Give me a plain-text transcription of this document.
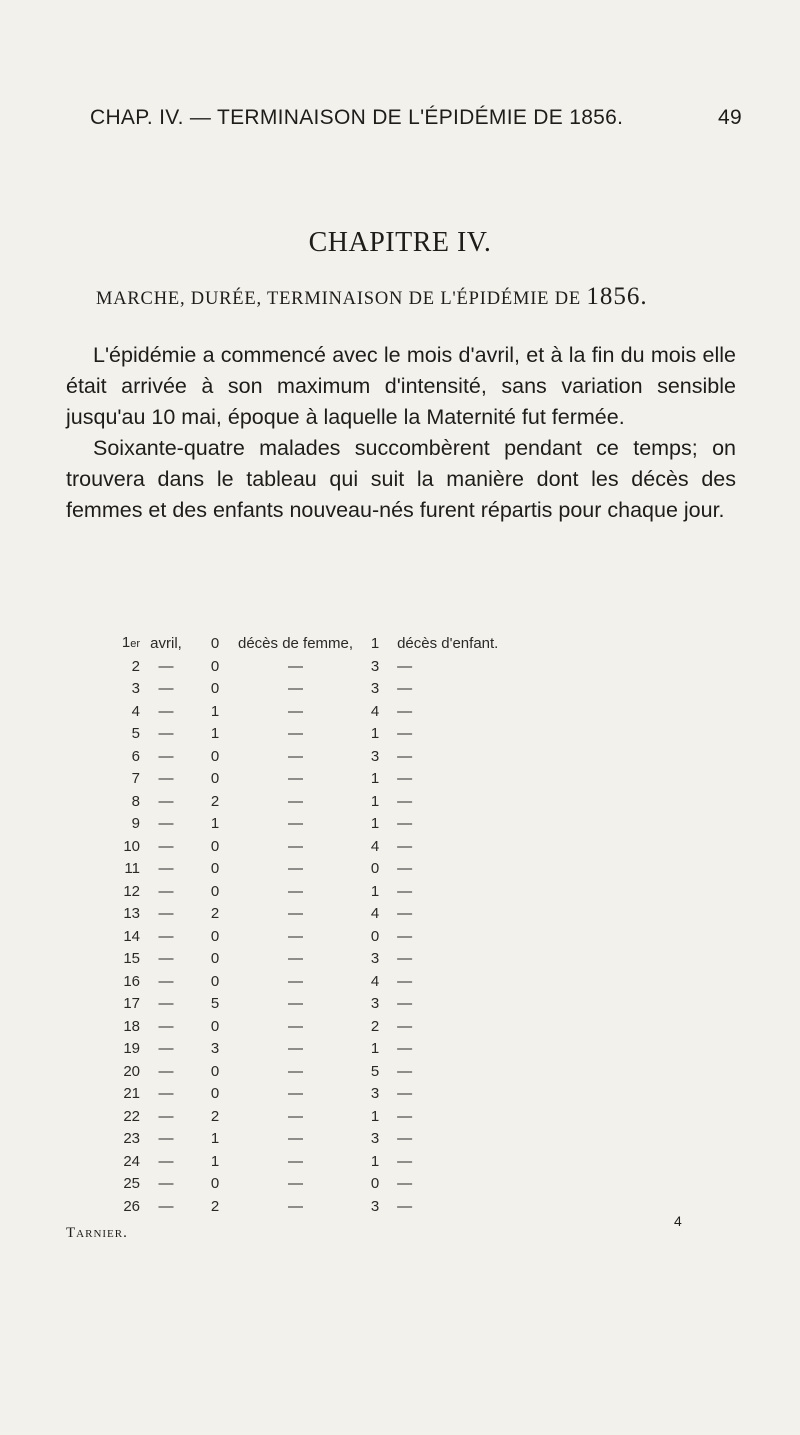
CHAP. IV. — TERMINAISON DE L'ÉPIDÉMIE DE 1856.	49
CHAPITRE IV.
MARCHE, DURÉE, TERMINAISON DE L'ÉPIDÉMIE DE 1856.

L'épidémie a commencé avec le mois d'avril, et à la fin du mois elle était arrivée à son maximum d'intensité, sans variation sensible jusqu'au 10 mai, époque à laquelle la Maternité fut fermée.

Soixante-quatre malades succombèrent pendant ce temps; on trouvera dans le tableau qui suit la manière dont les décès des femmes et des enfants nouveau-nés furent répartis pour chaque jour.

1er	avril,	0	décès de femme,	1	décès d'enfant.
2	—	0	—	3	—
3	—	0	—	3	—
4	—	1	—	4	—
5	—	1	—	1	—
6	—	0	—	3	—
7	—	0	—	1	—
8	—	2	—	1	—
9	—	1	—	1	—
10	—	0	—	4	—
11	—	0	—	0	—
12	—	0	—	1	—
13	—	2	—	4	—
14	—	0	—	0	—
15	—	0	—	3	—
16	—	0	—	4	—
17	—	5	—	3	—
18	—	0	—	2	—
19	—	3	—	1	—
20	—	0	—	5	—
21	—	0	—	3	—
22	—	2	—	1	—
23	—	1	—	3	—
24	—	1	—	1	—
25	—	0	—	0	—
26	—	2	—	3	—
Tarnier.
4
